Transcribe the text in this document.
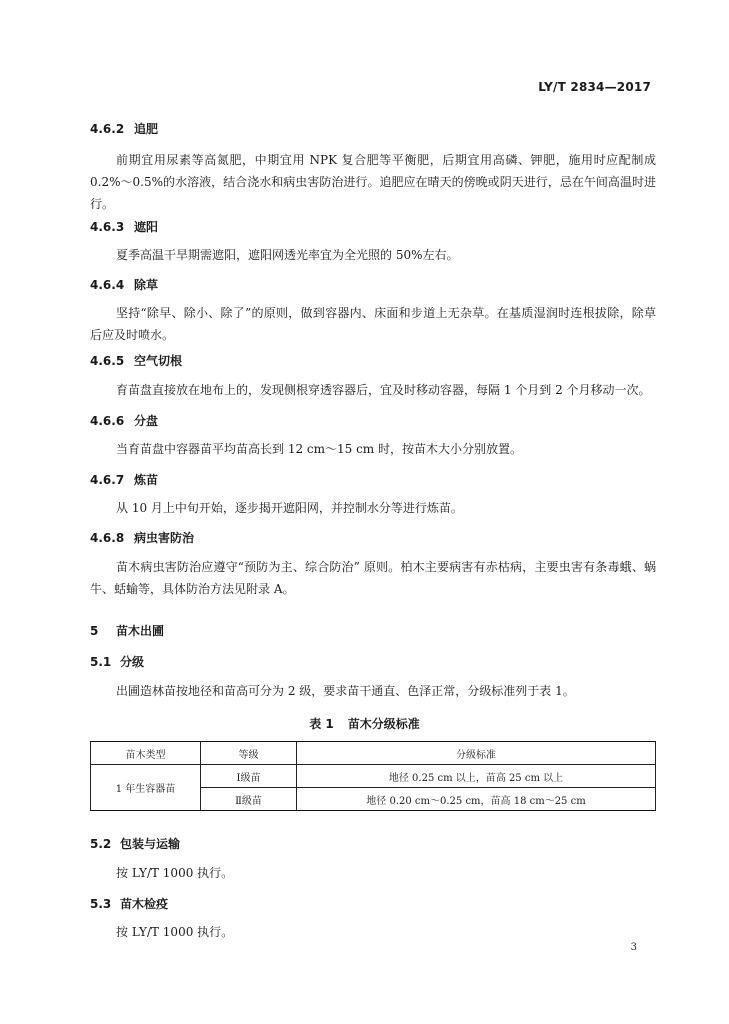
LY/T 2834—2017
4.6.2 追肥
前期宜用尿素等高氮肥，中期宜用 NPK 复合肥等平衡肥，后期宜用高磷、钾肥，施用时应配制成 0.2%～0.5%的水溶液，结合浇水和病虫害防治进行。追肥应在晴天的傍晚或阴天进行，忌在午间高温时进行。
4.6.3 遮阳
夏季高温干旱期需遮阳，遮阳网透光率宜为全光照的 50%左右。
4.6.4 除草
坚持“除早、除小、除了”的原则，做到容器内、床面和步道上无杂草。在基质湿润时连根拔除，除草后应及时喷水。
4.6.5 空气切根
育苗盘直接放在地布上的，发现侧根穿透容器后，宜及时移动容器，每隔 1 个月到 2 个月移动一次。
4.6.6 分盘
当育苗盘中容器苗平均苗高长到 12 cm～15 cm 时，按苗木大小分别放置。
4.6.7 炼苗
从 10 月上中旬开始，逐步揭开遮阳网，并控制水分等进行炼苗。
4.6.8 病虫害防治
苗木病虫害防治应遵守“预防为主、综合防治” 原则。柏木主要病害有赤枯病，主要虫害有条毒蛾、蜗牛、蛞蝓等，具体防治方法见附录 A。
5 苗木出圃
5.1 分级
出圃造林苗按地径和苗高可分为 2 级，要求苗干通直、色泽正常，分级标准列于表 1。
表 1 苗木分级标准
苗木类型	等级	分级标准
1 年生容器苗	Ⅰ级苗	地径 0.25 cm 以上，苗高 25 cm 以上
	Ⅱ级苗	地径 0.20 cm～0.25 cm，苗高 18 cm～25 cm
5.2 包装与运输
按 LY/T 1000 执行。
5.3 苗木检疫
按 LY/T 1000 执行。
3
